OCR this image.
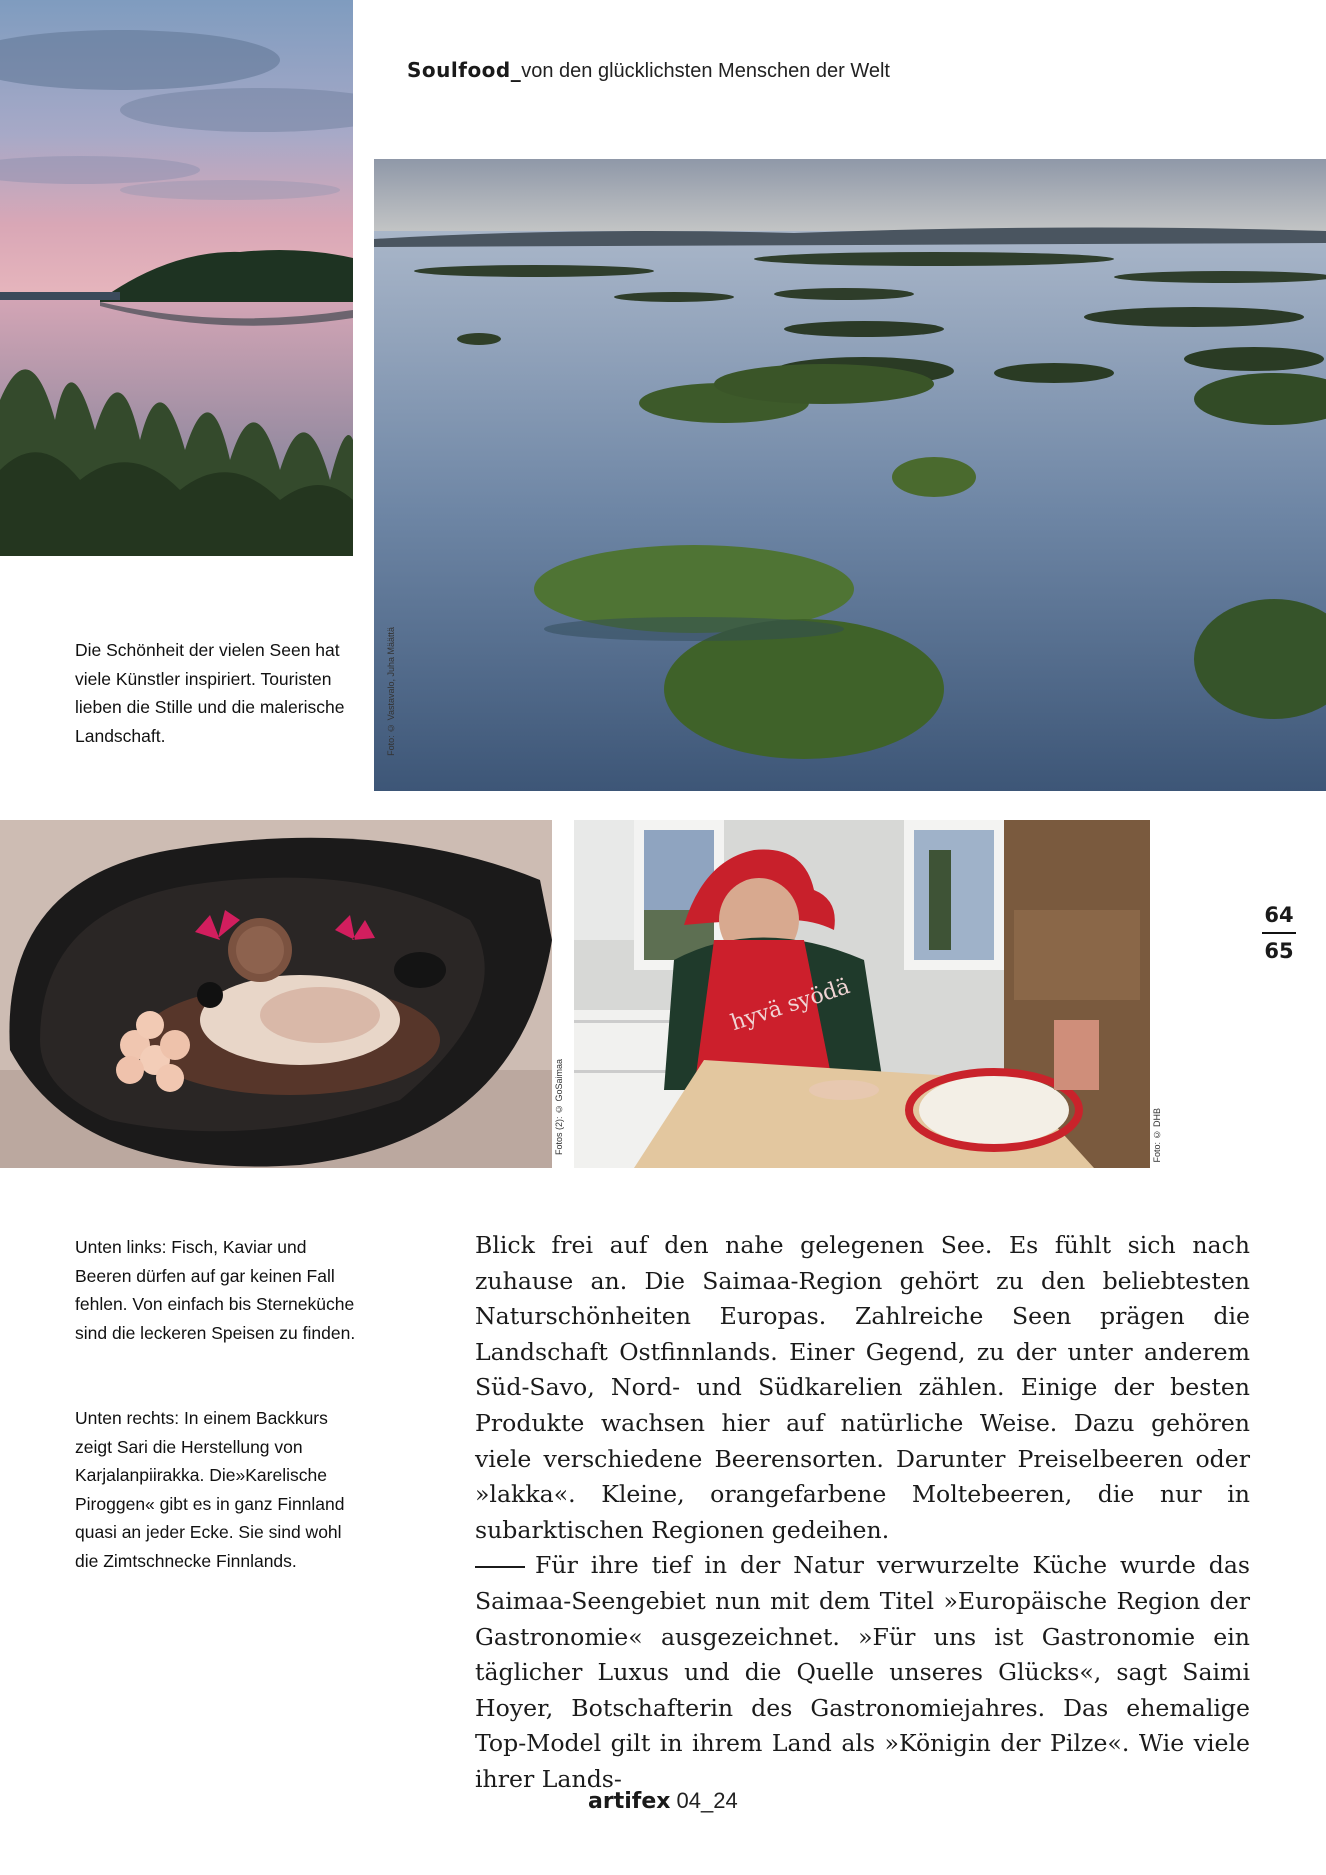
Soulfood_von den glücklichsten Menschen der Welt
Foto: © Vastavalo, Juha Määttä

Die Schönheit der vielen Seen hat viele Künstler inspiriert. Touristen lieben die Stille und die malerische Landschaft.

Fotos (2): © GoSaimaa
hyvä syödä
Foto: © DHB
64
65

Unten links: Fisch, Kaviar und Beeren dürfen auf gar keinen Fall fehlen. Von einfach bis Sterneküche sind die leckeren Speisen zu finden.

Unten rechts: In einem Backkurs zeigt Sari die Herstellung von Karjalanpiirakka. Die»Karelische Piroggen« gibt es in ganz Finnland quasi an jeder Ecke. Sie sind wohl die Zimtschnecke Finnlands.

Blick frei auf den nahe gelegenen See. Es fühlt sich nach zuhause an. Die Saimaa-Region gehört zu den beliebtesten Naturschönheiten Europas. Zahlreiche Seen prägen die Landschaft Ostfinnlands. Einer Gegend, zu der unter anderem Süd-Savo, Nord- und Südkarelien zählen. Einige der besten Produkte wachsen hier auf natürliche Weise. Dazu gehören viele verschiedene Beerensorten. Darunter Preiselbeeren oder »lakka«. Kleine, orangefarbene Moltebeeren, die nur in subarktischen Regionen gedeihen.

Für ihre tief in der Natur verwurzelte Küche wurde das Saimaa-Seengebiet nun mit dem Titel »Europäische Region der Gastronomie« ausgezeichnet. »Für uns ist Gastronomie ein täglicher Luxus und die Quelle unseres Glücks«, sagt Saimi Hoyer, Botschafterin des Gastronomiejahres. Das ehemalige Top-Model gilt in ihrem Land als »Königin der Pilze«. Wie viele ihrer Lands-

artifex 04_24
